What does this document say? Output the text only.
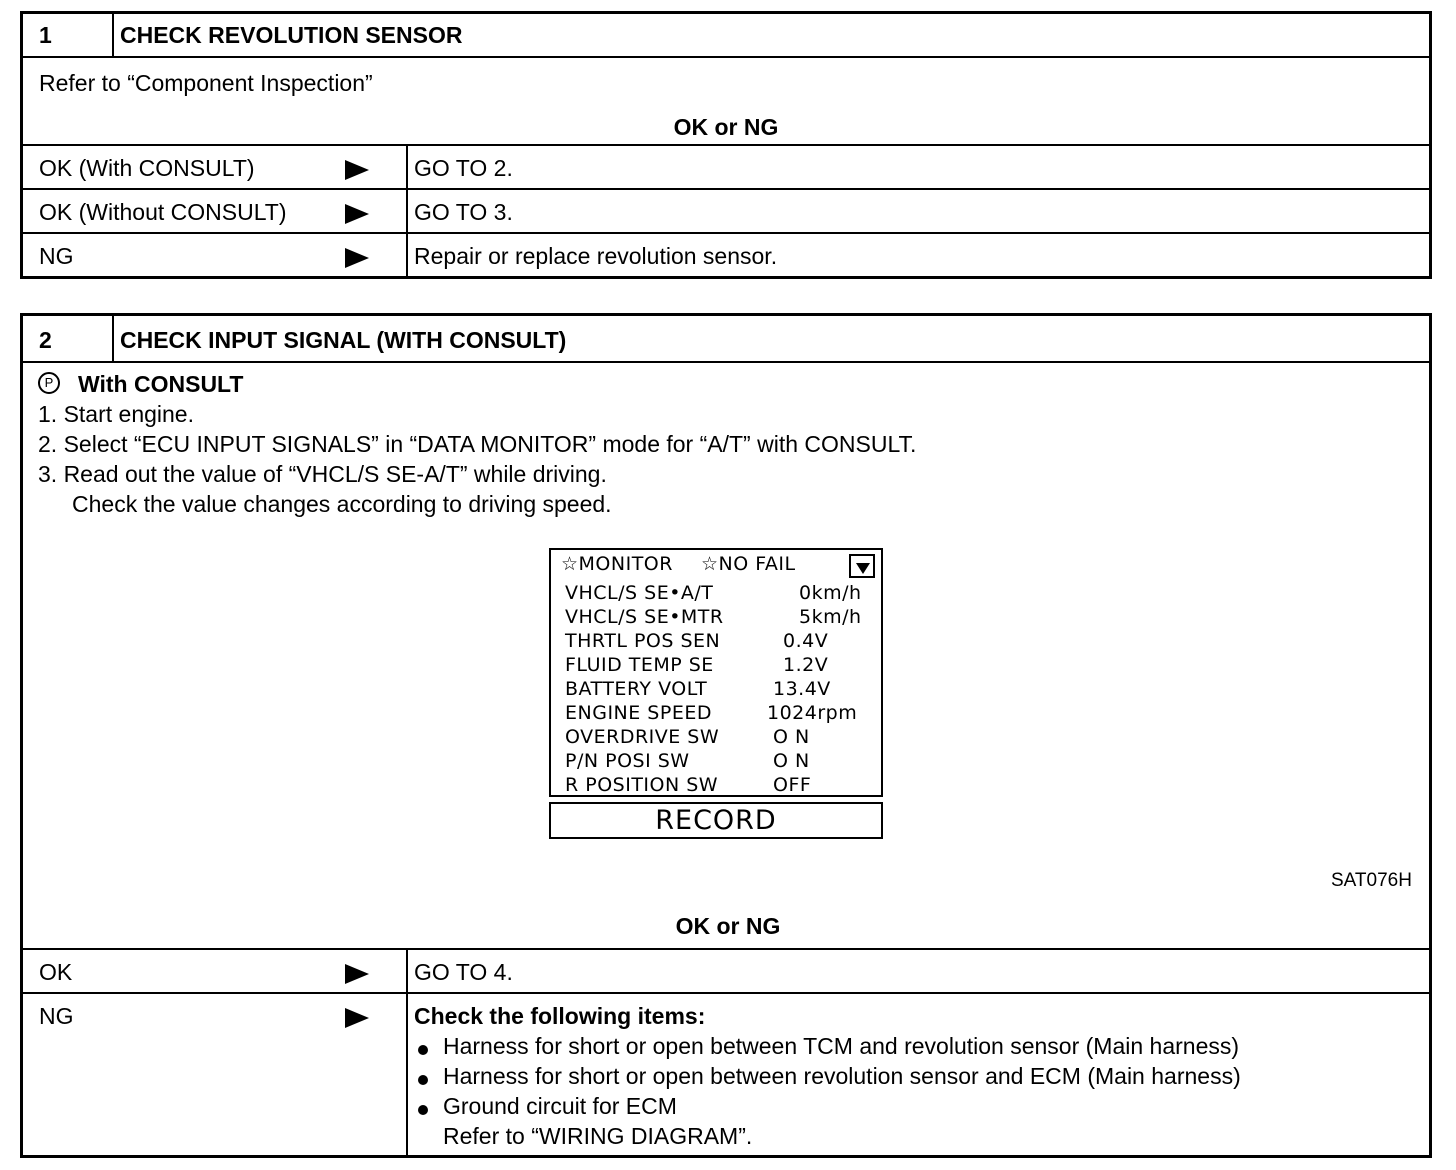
1	CHECK REVOLUTION SENSOR
Refer to “Component Inspection”
OK or NG
OK (With CONSULT)	GO TO 2.
OK (Without CONSULT)	GO TO 3.
NG	Repair or replace revolution sensor.
2	CHECK INPUT SIGNAL (WITH CONSULT)
OK	GO TO 4.
NG	Check the following items:
Harness for short or open between TCM and revolution sensor (Main harness)
Harness for short or open between revolution sensor and ECM (Main harness)
Ground circuit for ECM
Refer to “WIRING DIAGRAM”.
P With CONSULT
1. Start engine.
2. Select “ECU INPUT SIGNALS” in “DATA MONITOR” mode for “A/T” with CONSULT.
3. Read out the value of “VHCL/S SE-A/T” while driving.
Check the value changes according to driving speed.
☆MONITOR ☆NO FAIL
VHCL/S SE•A/T	0km/h
VHCL/S SE•MTR	5km/h
THRTL POS SEN	0.4V
FLUID TEMP SE	1.2V
BATTERY VOLT	13.4V
ENGINE SPEED	1024rpm
OVERDRIVE SW	O N
P/N POSI SW	O N
R POSITION SW	OFF
RECORD
SAT076H
OK or NG
